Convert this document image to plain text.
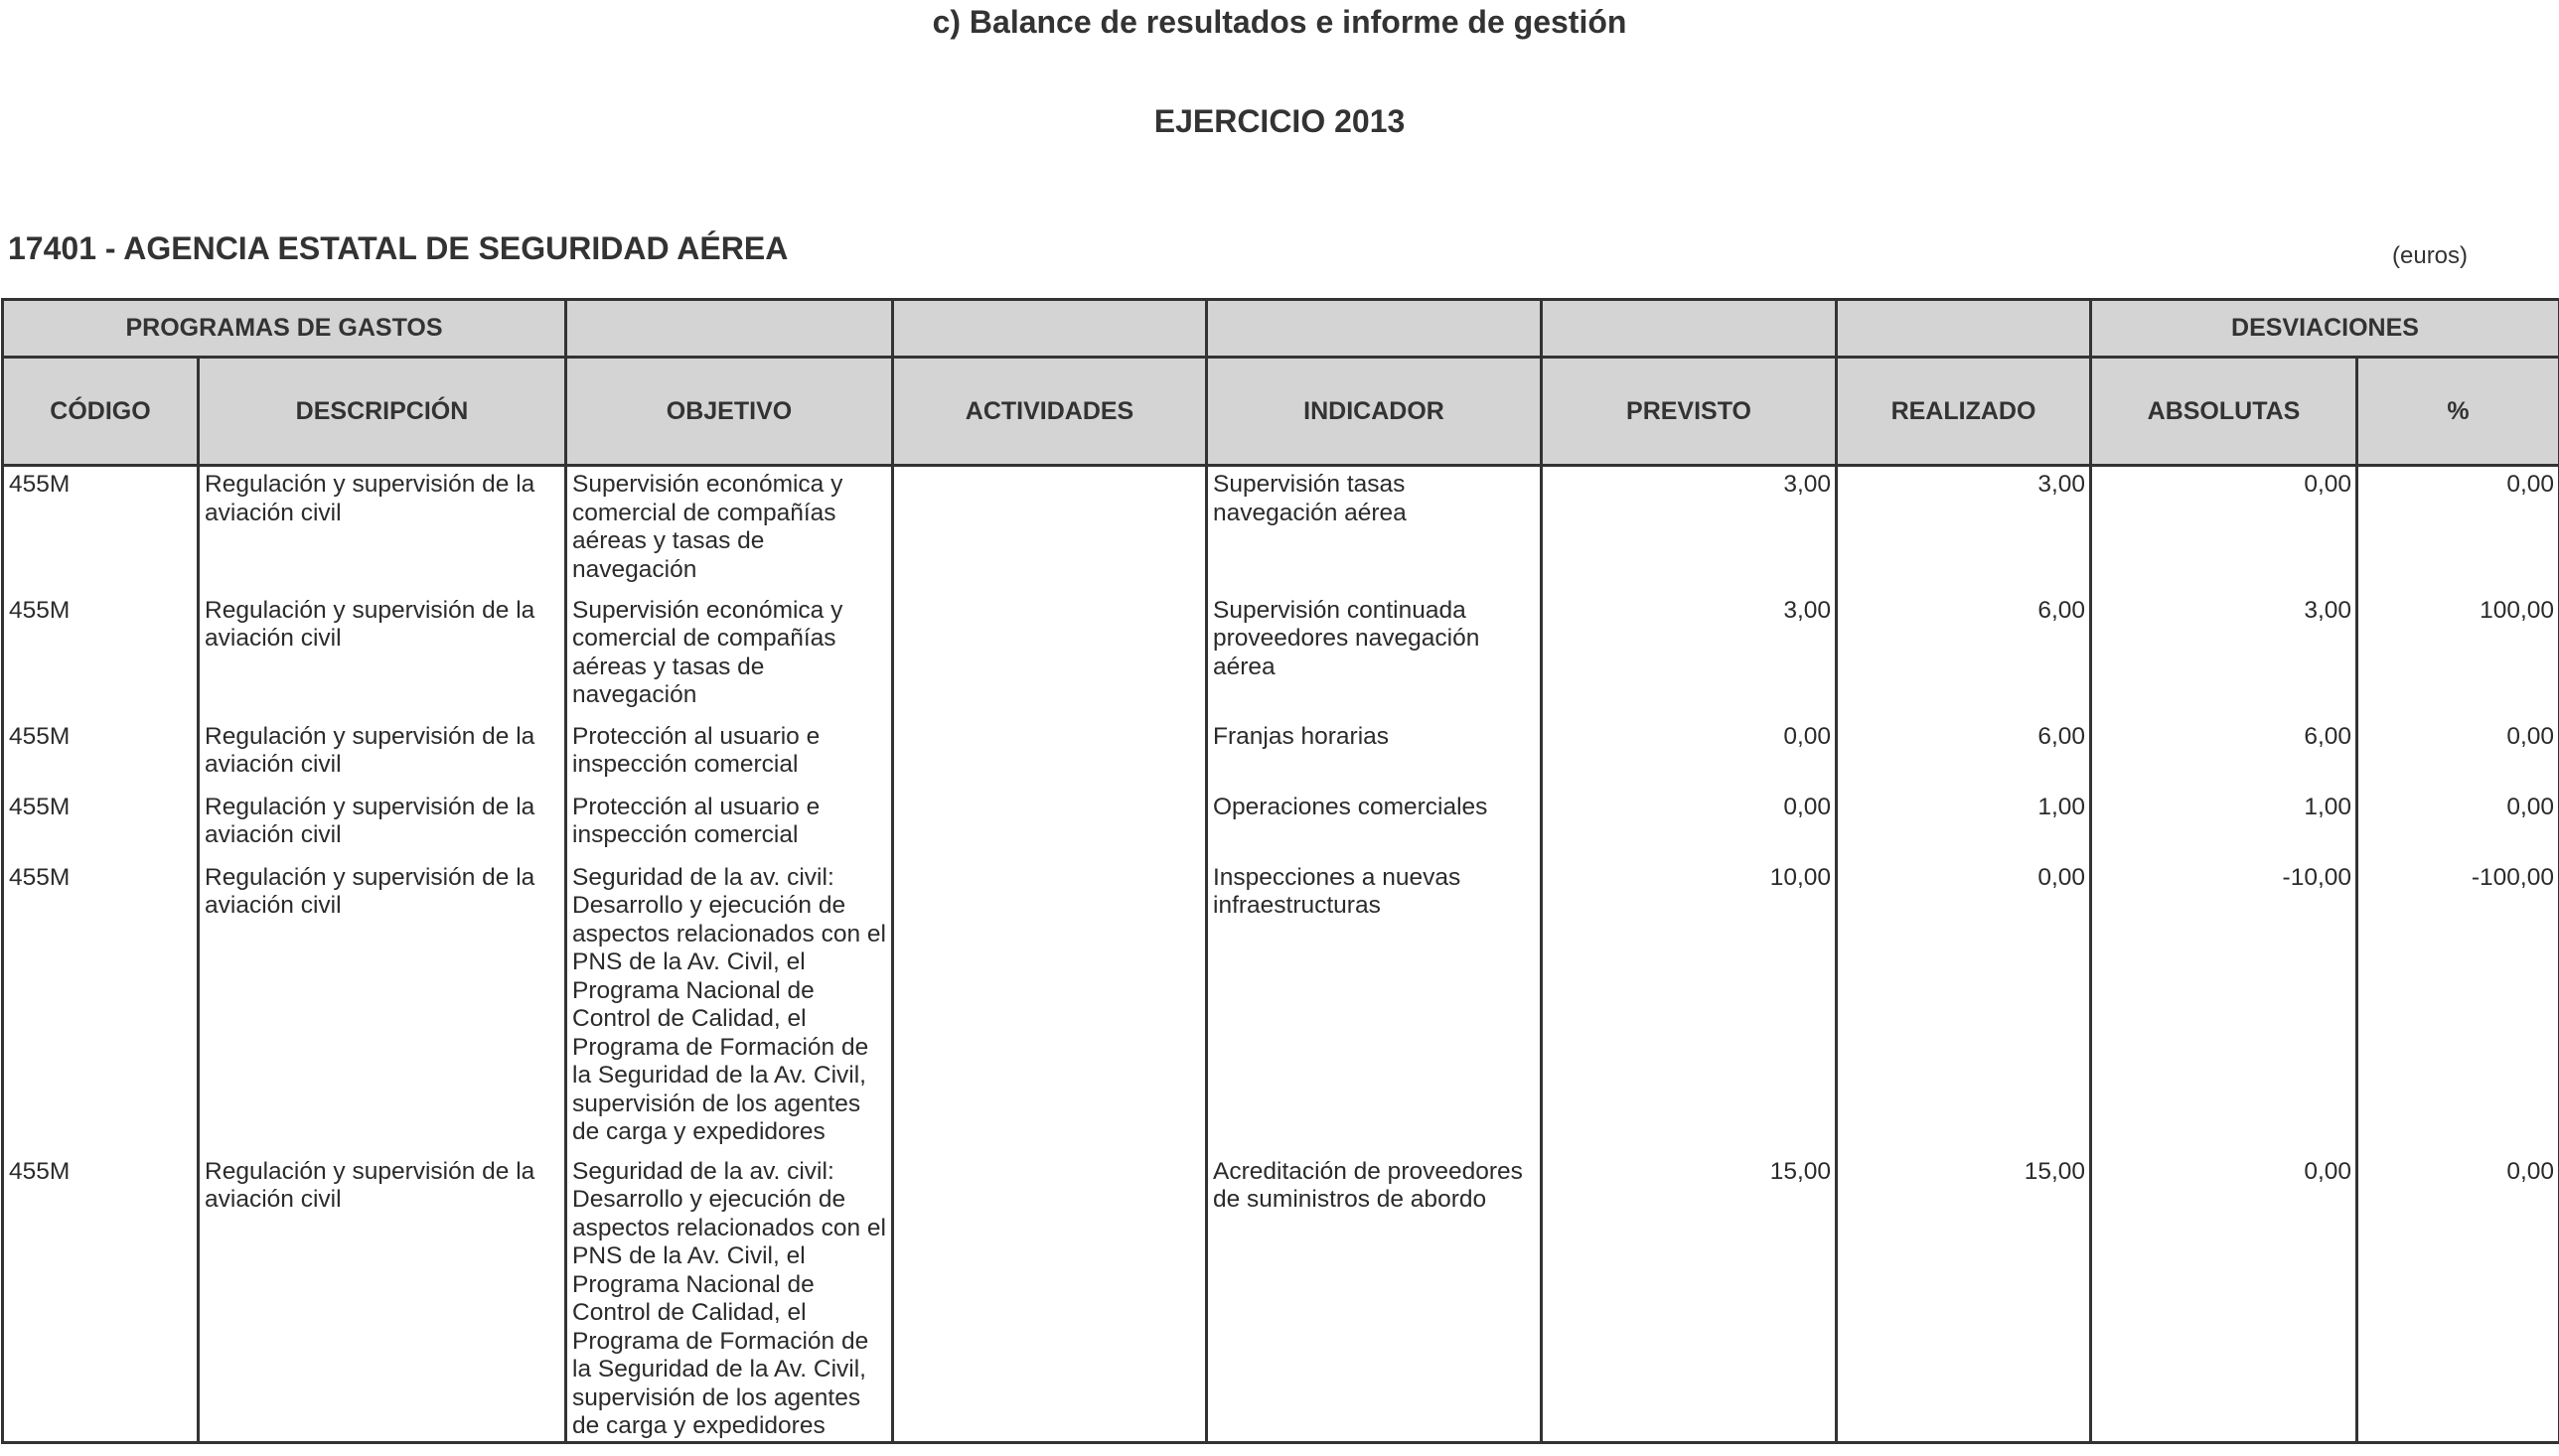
c) Balance de resultados e informe de gestión
EJERCICIO 2013
17401 - AGENCIA ESTATAL DE SEGURIDAD AÉREA	(euros)
PROGRAMAS DE GASTOS							DESVIACIONES	
CÓDIGO	DESCRIPCIÓN	OBJETIVO	ACTIVIDADES	INDICADOR	PREVISTO	REALIZADO	ABSOLUTAS	%
455M	Regulación y supervisión de la aviación civil	Supervisión económica y comercial de compañías aéreas y tasas de navegación		Supervisión tasas navegación aérea	3,00	3,00	0,00	0,00
455M	Regulación y supervisión de la aviación civil	Supervisión económica y comercial de compañías aéreas y tasas de navegación		Supervisión continuada proveedores navegación aérea	3,00	6,00	3,00	100,00
455M	Regulación y supervisión de la aviación civil	Protección al usuario e inspección comercial		Franjas horarias	0,00	6,00	6,00	0,00
455M	Regulación y supervisión de la aviación civil	Protección al usuario e inspección comercial		Operaciones comerciales	0,00	1,00	1,00	0,00
455M	Regulación y supervisión de la aviación civil	Seguridad de la av. civil: Desarrollo y ejecución de aspectos relacionados con el PNS de la Av. Civil, el Programa Nacional de Control de Calidad, el Programa de Formación de la Seguridad de la Av. Civil, supervisión de los agentes de carga y expedidores		Inspecciones a nuevas infraestructuras	10,00	0,00	-10,00	-100,00
455M	Regulación y supervisión de la aviación civil	Seguridad de la av. civil: Desarrollo y ejecución de aspectos relacionados con el PNS de la Av. Civil, el Programa Nacional de Control de Calidad, el Programa de Formación de la Seguridad de la Av. Civil, supervisión de los agentes de carga y expedidores		Acreditación de proveedores de suministros de abordo	15,00	15,00	0,00	0,00
